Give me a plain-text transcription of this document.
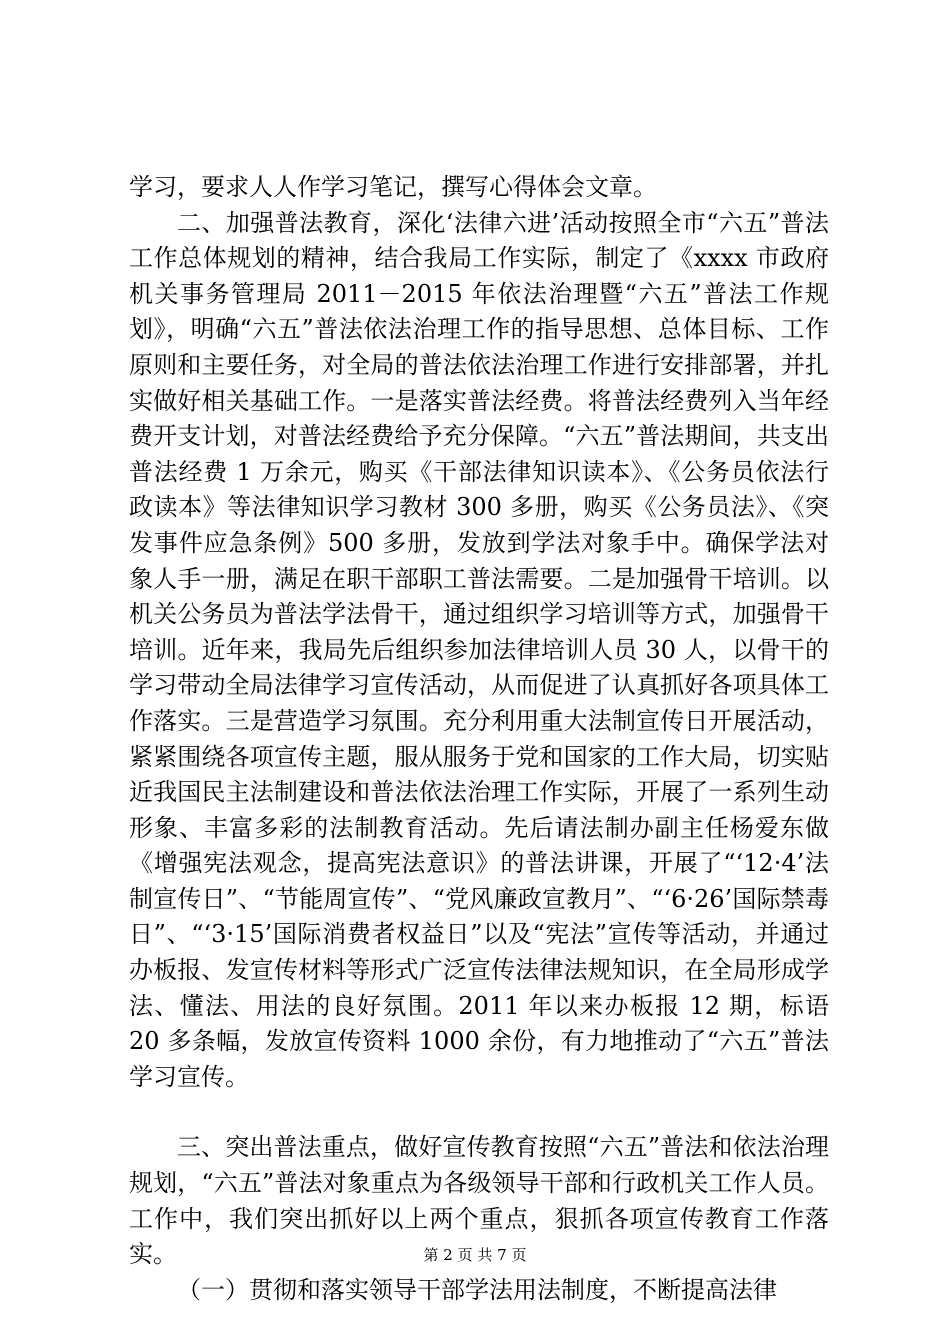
学习，要求人人作学习笔记，撰写心得体会文章。

二、加强普法教育，深化‘法律六进’活动按照全市“六五”普法工作总体规划的精神，结合我局工作实际，制定了《xxxx 市政府机关事务管理局 2011－2015 年依法治理暨“六五”普法工作规划》，明确“六五”普法依法治理工作的指导思想、总体目标、工作原则和主要任务，对全局的普法依法治理工作进行安排部署，并扎实做好相关基础工作。一是落实普法经费。将普法经费列入当年经费开支计划，对普法经费给予充分保障。“六五”普法期间，共支出普法经费 1 万余元，购买《干部法律知识读本》、《公务员依法行政读本》等法律知识学习教材 300 多册，购买《公务员法》、《突发事件应急条例》500 多册，发放到学法对象手中。确保学法对象人手一册，满足在职干部职工普法需要。二是加强骨干培训。以机关公务员为普法学法骨干，通过组织学习培训等方式，加强骨干培训。近年来，我局先后组织参加法律培训人员 30 人，以骨干的学习带动全局法律学习宣传活动，从而促进了认真抓好各项具体工作落实。三是营造学习氛围。充分利用重大法制宣传日开展活动，紧紧围绕各项宣传主题，服从服务于党和国家的工作大局，切实贴近我国民主法制建设和普法依法治理工作实际，开展了一系列生动形象、丰富多彩的法制教育活动。先后请法制办副主任杨爱东做《增强宪法观念，提高宪法意识》的普法讲课，开展了“‘12·4’法制宣传日”、“节能周宣传”、“党风廉政宣教月”、“‘6·26’国际禁毒日”、“‘3·15’国际消费者权益日”以及“宪法”宣传等活动，并通过办板报、发宣传材料等形式广泛宣传法律法规知识，在全局形成学法、懂法、用法的良好氛围。2011 年以来办板报 12 期，标语 20 多条幅，发放宣传资料 1000 余份，有力地推动了“六五”普法学习宣传。

三、突出普法重点，做好宣传教育按照“六五”普法和依法治理规划，“六五”普法对象重点为各级领导干部和行政机关工作人员。工作中，我们突出抓好以上两个重点，狠抓各项宣传教育工作落实。

（一）贯彻和落实领导干部学法用法制度，不断提高法律

第 2 页 共 7 页
